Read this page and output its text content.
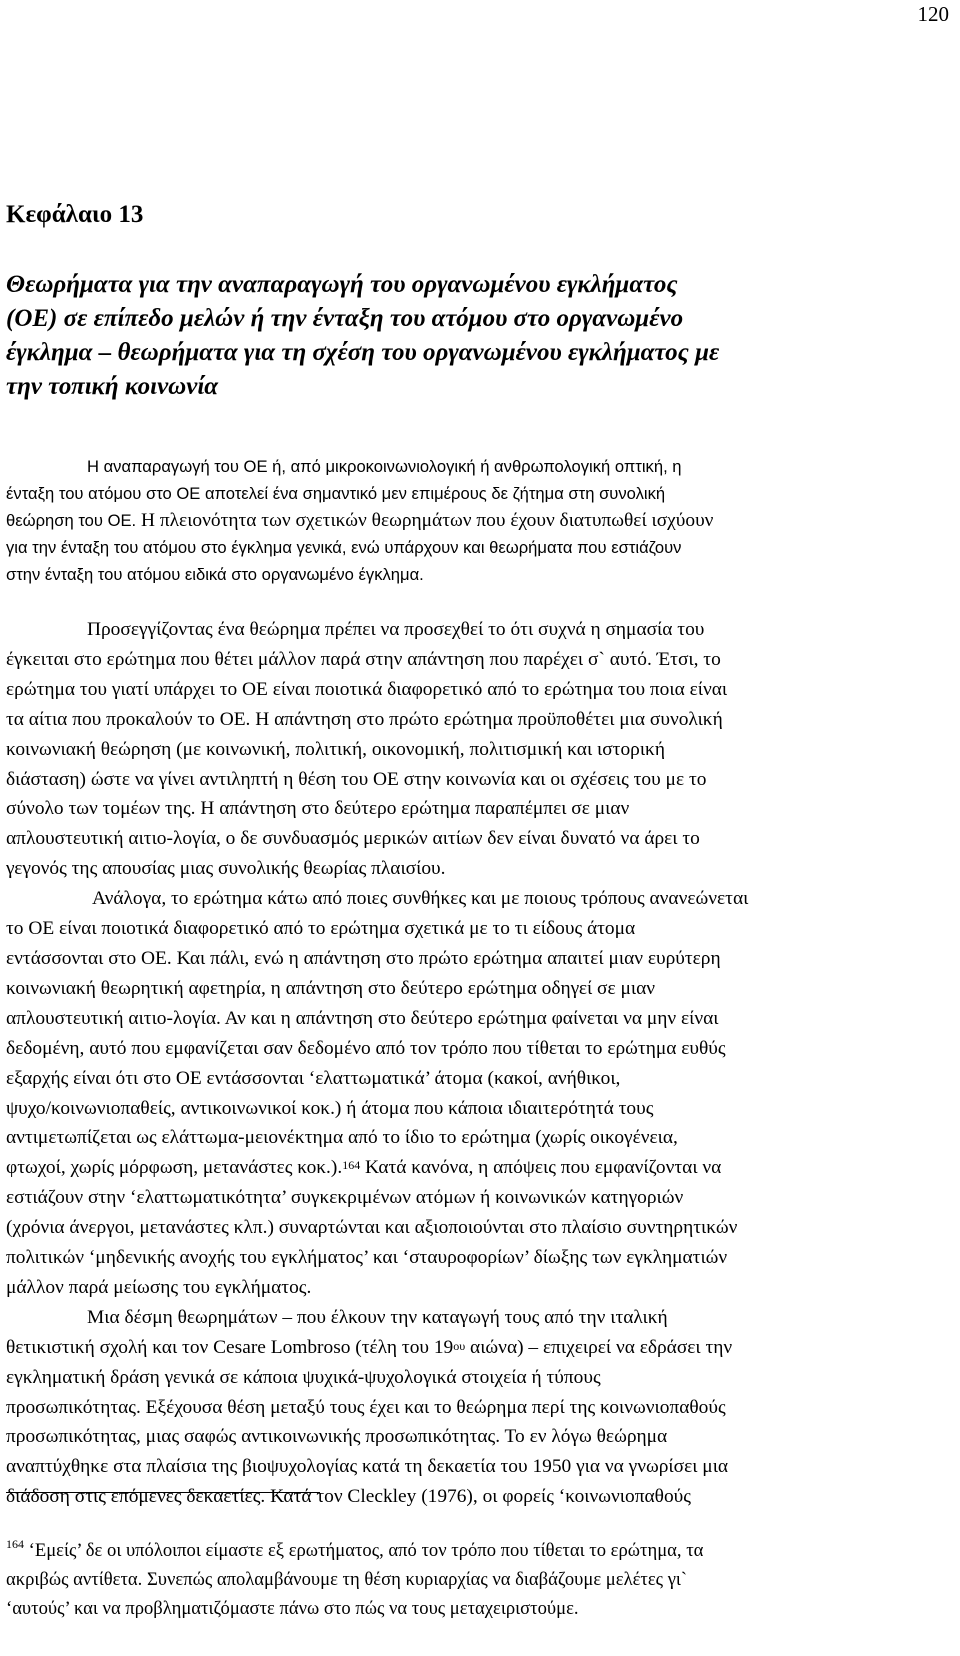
120
Κεφάλαιο 13
Θεωρήματα για την αναπαραγωγή του οργανωμένου εγκλήματος
(ΟΕ) σε επίπεδο μελών ή την ένταξη του ατόμου στο οργανωμένο
έγκλημα – θεωρήματα για τη σχέση του οργανωμένου εγκλήματος με
την τοπική κοινωνία
Η αναπαραγωγή του ΟΕ ή, από μικροκοινωνιολογική ή ανθρωπολογική οπτική, η
ένταξη του ατόμου στο ΟΕ αποτελεί ένα σημαντικό μεν επιμέρους δε ζήτημα στη συνολική
θεώρηση του ΟΕ. Η πλειονότητα των σχετικών θεωρημάτων που έχουν διατυπωθεί ισχύουν
για την ένταξη του ατόμου στο έγκλημα γενικά, ενώ υπάρχουν και θεωρήματα που εστιάζουν
στην ένταξη του ατόμου ειδικά στο οργανωμένο έγκλημα.
Προσεγγίζοντας ένα θεώρημα πρέπει να προσεχθεί το ότι συχνά η σημασία του
έγκειται στο ερώτημα που θέτει μάλλον παρά στην απάντηση που παρέχει σ` αυτό. Έτσι, το
ερώτημα του γιατί υπάρχει το ΟΕ είναι ποιοτικά διαφορετικό από το ερώτημα του ποια είναι
τα αίτια που προκαλούν το ΟΕ. Η απάντηση στο πρώτο ερώτημα προϋποθέτει μια συνολική
κοινωνιακή θεώρηση (με κοινωνική, πολιτική, οικονομική, πολιτισμική και ιστορική
διάσταση) ώστε να γίνει αντιληπτή η θέση του ΟΕ στην κοινωνία και οι σχέσεις του με το
σύνολο των τομέων της. Η απάντηση στο δεύτερο ερώτημα παραπέμπει σε μιαν
απλουστευτική αιτιο-λογία, ο δε συνδυασμός μερικών αιτίων δεν είναι δυνατό να άρει το
γεγονός της απουσίας μιας συνολικής θεωρίας πλαισίου.
Ανάλογα, το ερώτημα κάτω από ποιες συνθήκες και με ποιους τρόπους ανανεώνεται
το ΟΕ είναι ποιοτικά διαφορετικό από το ερώτημα σχετικά με το τι είδους άτομα
εντάσσονται στο ΟΕ. Και πάλι, ενώ η απάντηση στο πρώτο ερώτημα απαιτεί μιαν ευρύτερη
κοινωνιακή θεωρητική αφετηρία, η απάντηση στο δεύτερο ερώτημα οδηγεί σε μιαν
απλουστευτική αιτιο-λογία. Αν και η απάντηση στο δεύτερο ερώτημα φαίνεται να μην είναι
δεδομένη, αυτό που εμφανίζεται σαν δεδομένο από τον τρόπο που τίθεται το ερώτημα ευθύς
εξαρχής είναι ότι στο ΟΕ εντάσσονται ‘ελαττωματικά’ άτομα (κακοί, ανήθικοι,
ψυχο/κοινωνιοπαθείς, αντικοινωνικοί κοκ.) ή άτομα που κάποια ιδιαιτερότητά τους
αντιμετωπίζεται ως ελάττωμα-μειονέκτημα από το ίδιο το ερώτημα (χωρίς οικογένεια,
φτωχοί, χωρίς μόρφωση, μετανάστες κοκ.).$^{164}$ Κατά κανόνα, η απόψεις που εμφανίζονται να
εστιάζουν στην ‘ελαττωματικότητα’ συγκεκριμένων ατόμων ή κοινωνικών κατηγοριών
(χρόνια άνεργοι, μετανάστες κλπ.) συναρτώνται και αξιοποιούνται στο πλαίσιο συντηρητικών
πολιτικών ‘μηδενικής ανοχής του εγκλήματος’ και ‘σταυροφορίων’ δίωξης των εγκληματιών
μάλλον παρά μείωσης του εγκλήματος.
Μια δέσμη θεωρημάτων – που έλκουν την καταγωγή τους από την ιταλική
θετικιστική σχολή και τον Cesare Lombroso (τέλη του $19^{o\upsilon}$ αιώνα) – επιχειρεί να εδράσει την
εγκληματική δράση γενικά σε κάποια ψυχικά-ψυχολογικά στοιχεία ή τύπους
προσωπικότητας. Εξέχουσα θέση μεταξύ τους έχει και το θεώρημα περί της κοινωνιοπαθούς
προσωπικότητας, μιας σαφώς αντικοινωνικής προσωπικότητας. Το εν λόγω θεώρημα
αναπτύχθηκε στα πλαίσια της βιοψυχολογίας κατά τη δεκαετία του 1950 για να γνωρίσει μια
διάδοση στις επόμενες δεκαετίες. Κατά τον Cleckley (1976), οι φορείς ‘κοινωνιοπαθούς
$^{164}$ ‘Εμείς’ δε οι υπόλοιποι είμαστε εξ ερωτήματος, από τον τρόπο που τίθεται το ερώτημα, τα
ακριβώς αντίθετα. Συνεπώς απολαμβάνουμε τη θέση κυριαρχίας να διαβάζουμε μελέτες γι`
‘αυτούς’ και να προβληματιζόμαστε πάνω στο πώς να τους μεταχειριστούμε.
